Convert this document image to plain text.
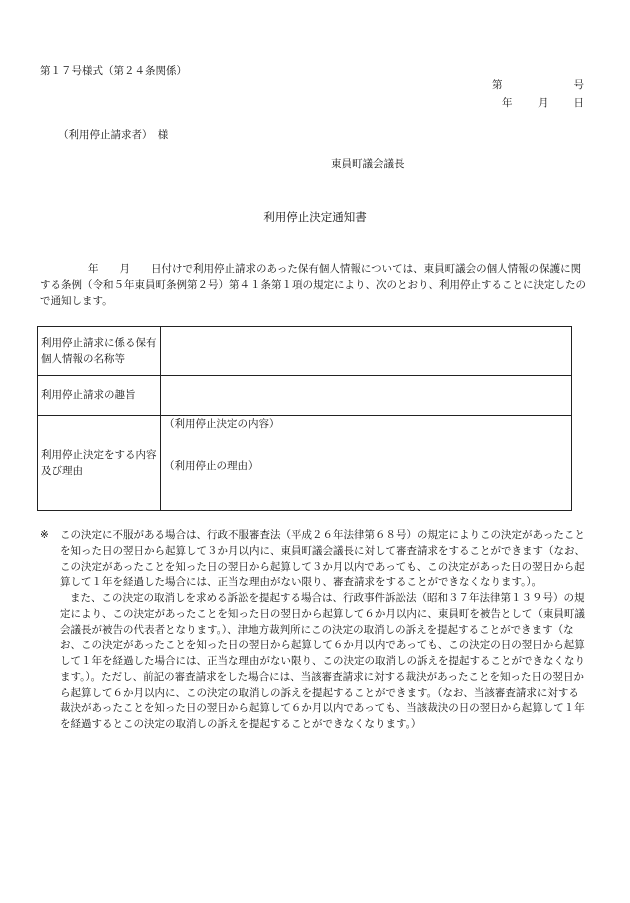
第１７号様式（第２４条関係）
第	号
年 月 日
（利用停止請求者）　様
東員町議会議長
利用停止決定通知書
年 月 日付けで利用停止請求のあった保有個人情報については、東員町議会の個人情報の保護に関する条例（令和５年東員町条例第２号）第４１条第１項の規定により、次のとおり、利用停止することに決定したので通知します。
利用停止請求に係る保有個人情報の名称等	
利用停止請求の趣旨	
利用停止決定をする内容及び理由	（利用停止決定の内容）
（利用停止の理由）
※ この決定に不服がある場合は、行政不服審査法（平成２６年法律第６８号）の規定によりこの決定があったことを知った日の翌日から起算して３か月以内に、東員町議会議長に対して審査請求をすることができます（なお、この決定があったことを知った日の翌日から起算して３か月以内であっても、この決定があった日の翌日から起算して１年を経過した場合には、正当な理由がない限り、審査請求をすることができなくなります。）。
また、この決定の取消しを求める訴訟を提起する場合は、行政事件訴訟法（昭和３７年法律第１３９号）の規定により、この決定があったことを知った日の翌日から起算して６か月以内に、東員町を被告として（東員町議会議長が被告の代表者となります。）、津地方裁判所にこの決定の取消しの訴えを提起することができます（なお、この決定があったことを知った日の翌日から起算して６か月以内であっても、この決定の日の翌日から起算して１年を経過した場合には、正当な理由がない限り、この決定の取消しの訴えを提起することができなくなります。）。ただし、前記の審査請求をした場合には、当該審査請求に対する裁決があったことを知った日の翌日から起算して６か月以内に、この決定の取消しの訴えを提起することができます。（なお、当該審査請求に対する裁決があったことを知った日の翌日から起算して６か月以内であっても、当該裁決の日の翌日から起算して１年を経過するとこの決定の取消しの訴えを提起することができなくなります。）
